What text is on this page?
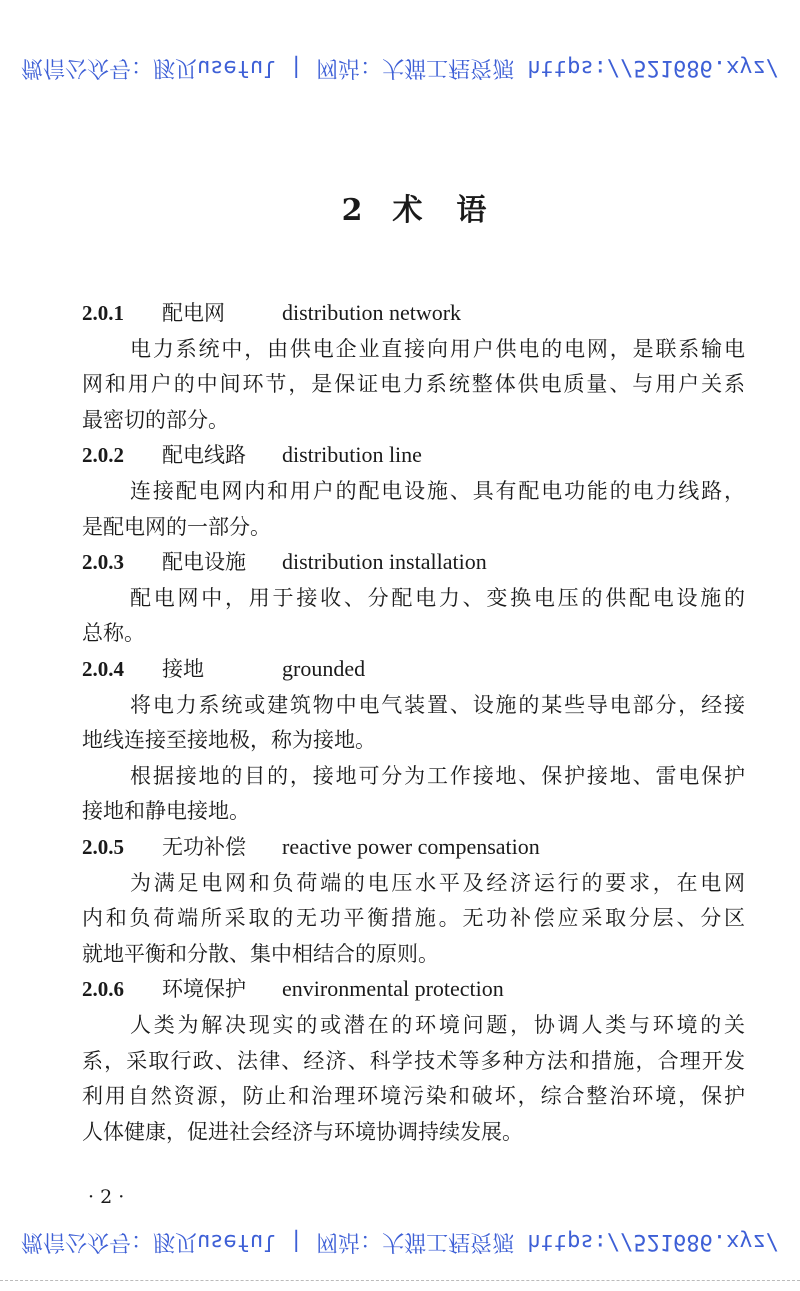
微信公众号：豚贝useful | 网站：大猫工程资源 https://521686.xyz/
2 术　语
2.0.1 配电网	distribution network
电力系统中，由供电企业直接向用户供电的电网，是联系输电
网和用户的中间环节，是保证电力系统整体供电质量、与用户关系
最密切的部分。
2.0.2 配电线路 distribution line
连接配电网内和用户的配电设施、具有配电功能的电力线路，
是配电网的一部分。
2.0.3 配电设施 distribution installation
配电网中，用于接收、分配电力、变换电压的供配电设施的
总称。
2.0.4 接地	grounded
将电力系统或建筑物中电气装置、设施的某些导电部分，经接
地线连接至接地极，称为接地。
根据接地的目的，接地可分为工作接地、保护接地、雷电保护
接地和静电接地。
2.0.5 无功补偿 reactive power compensation
为满足电网和负荷端的电压水平及经济运行的要求，在电网
内和负荷端所采取的无功平衡措施。无功补偿应采取分层、分区
就地平衡和分散、集中相结合的原则。
2.0.6 环境保护 environmental protection
人类为解决现实的或潜在的环境问题，协调人类与环境的关
系，采取行政、法律、经济、科学技术等多种方法和措施，合理开发
利用自然资源，防止和治理环境污染和破坏，综合整治环境，保护
人体健康，促进社会经济与环境协调持续发展。
· 2 ·
微信公众号：豚贝useful | 网站：大猫工程资源 https://521686.xyz/
